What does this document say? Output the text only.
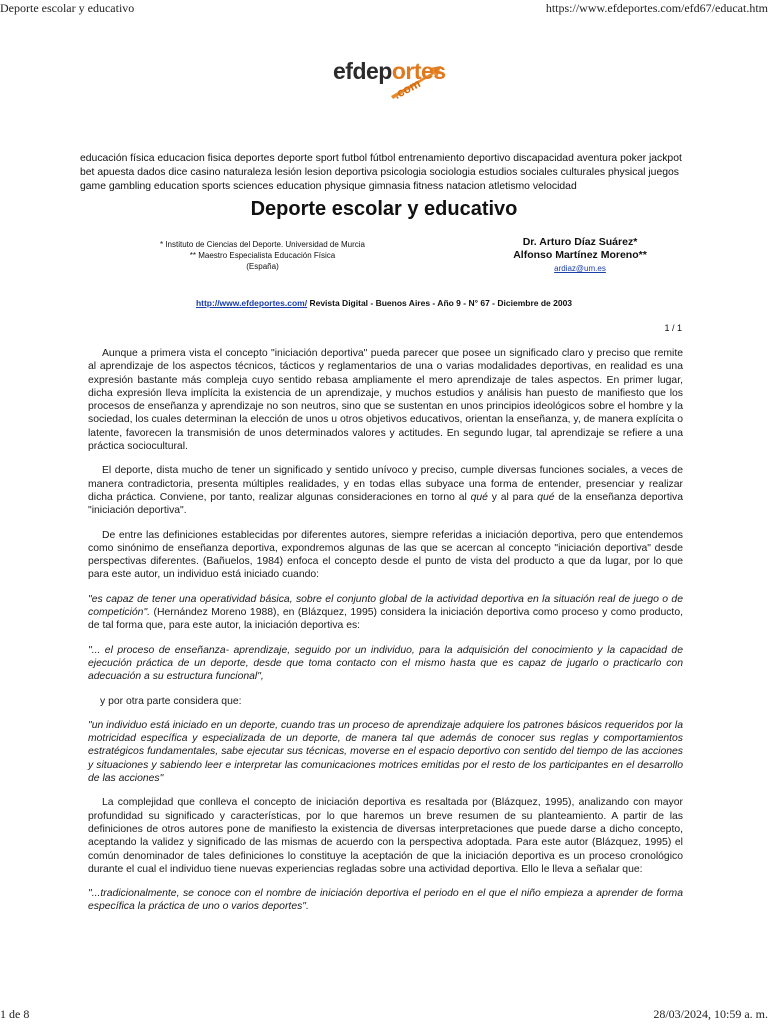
Deporte escolar y educativo	https://www.efdeportes.com/efd67/educat.htm
efdeportes
.com
educación física educacion fisica deportes deporte sport futbol fútbol entrenamiento deportivo discapacidad aventura poker jackpot bet apuesta dados dice casino naturaleza lesión lesion deportiva psicologia sociologia estudios sociales culturales physical juegos game gambling education sports sciences education physique gimnasia fitness natacion atletismo velocidad
Deporte escolar y educativo
* Instituto de Ciencias del Deporte. Universidad de Murcia
** Maestro Especialista Educación Física
(España)
Dr. Arturo Díaz Suárez*
Alfonso Martínez Moreno**
ardiaz@um.es
http://www.efdeportes.com/ Revista Digital - Buenos Aires - Año 9 - N° 67 - Diciembre de 2003
1 / 1

Aunque a primera vista el concepto "iniciación deportiva" pueda parecer que posee un significado claro y preciso que remite al aprendizaje de los aspectos técnicos, tácticos y reglamentarios de una o varias modalidades deportivas, en realidad es una expresión bastante más compleja cuyo sentido rebasa ampliamente el mero aprendizaje de tales aspectos. En primer lugar, dicha expresión lleva implícita la existencia de un aprendizaje, y muchos estudios y análisis han puesto de manifiesto que los procesos de enseñanza y aprendizaje no son neutros, sino que se sustentan en unos principios ideológicos sobre el hombre y la sociedad, los cuales determinan la elección de unos u otros objetivos educativos, orientan la enseñanza, y, de manera explícita o latente, favorecen la transmisión de unos determinados valores y actitudes. En segundo lugar, tal aprendizaje se refiere a una práctica sociocultural.

El deporte, dista mucho de tener un significado y sentido unívoco y preciso, cumple diversas funciones sociales, a veces de manera contradictoria, presenta múltiples realidades, y en todas ellas subyace una forma de entender, presenciar y realizar dicha práctica. Conviene, por tanto, realizar algunas consideraciones en torno al qué y al para qué de la enseñanza deportiva "iniciación deportiva".

De entre las definiciones establecidas por diferentes autores, siempre referidas a iniciación deportiva, pero que entendemos como sinónimo de enseñanza deportiva, expondremos algunas de las que se acercan al concepto "iniciación deportiva" desde perspectivas diferentes. (Bañuelos, 1984) enfoca el concepto desde el punto de vista del producto a que da lugar, por lo que para este autor, un individuo está iniciado cuando:

"es capaz de tener una operatividad básica, sobre el conjunto global de la actividad deportiva en la situación real de juego o de competición". (Hernández Moreno 1988), en (Blázquez, 1995) considera la iniciación deportiva como proceso y como producto, de tal forma que, para este autor, la iniciación deportiva es:

"... el proceso de enseñanza- aprendizaje, seguido por un individuo, para la adquisición del conocimiento y la capacidad de ejecución práctica de un deporte, desde que toma contacto con el mismo hasta que es capaz de jugarlo o practicarlo con adecuación a su estructura funcional",

y por otra parte considera que:

"un individuo está iniciado en un deporte, cuando tras un proceso de aprendizaje adquiere los patrones básicos requeridos por la motricidad específica y especializada de un deporte, de manera tal que además de conocer sus reglas y comportamientos estratégicos fundamentales, sabe ejecutar sus técnicas, moverse en el espacio deportivo con sentido del tiempo de las acciones y situaciones y sabiendo leer e interpretar las comunicaciones motrices emitidas por el resto de los participantes en el desarrollo de las acciones"

La complejidad que conlleva el concepto de iniciación deportiva es resaltada por (Blázquez, 1995), analizando con mayor profundidad su significado y características, por lo que haremos un breve resumen de su planteamiento. A partir de las definiciones de otros autores pone de manifiesto la existencia de diversas interpretaciones que puede darse a dicho concepto, aceptando la validez y significado de las mismas de acuerdo con la perspectiva adoptada. Para este autor (Blázquez, 1995) el común denominador de tales definiciones lo constituye la aceptación de que la iniciación deportiva es un proceso cronológico durante el cual el individuo tiene nuevas experiencias regladas sobre una actividad deportiva. Ello le lleva a señalar que:

"...tradicionalmente, se conoce con el nombre de iniciación deportiva el periodo en el que el niño empieza a aprender de forma específica la práctica de uno o varios deportes".

1 de 8	28/03/2024, 10:59 a. m.
